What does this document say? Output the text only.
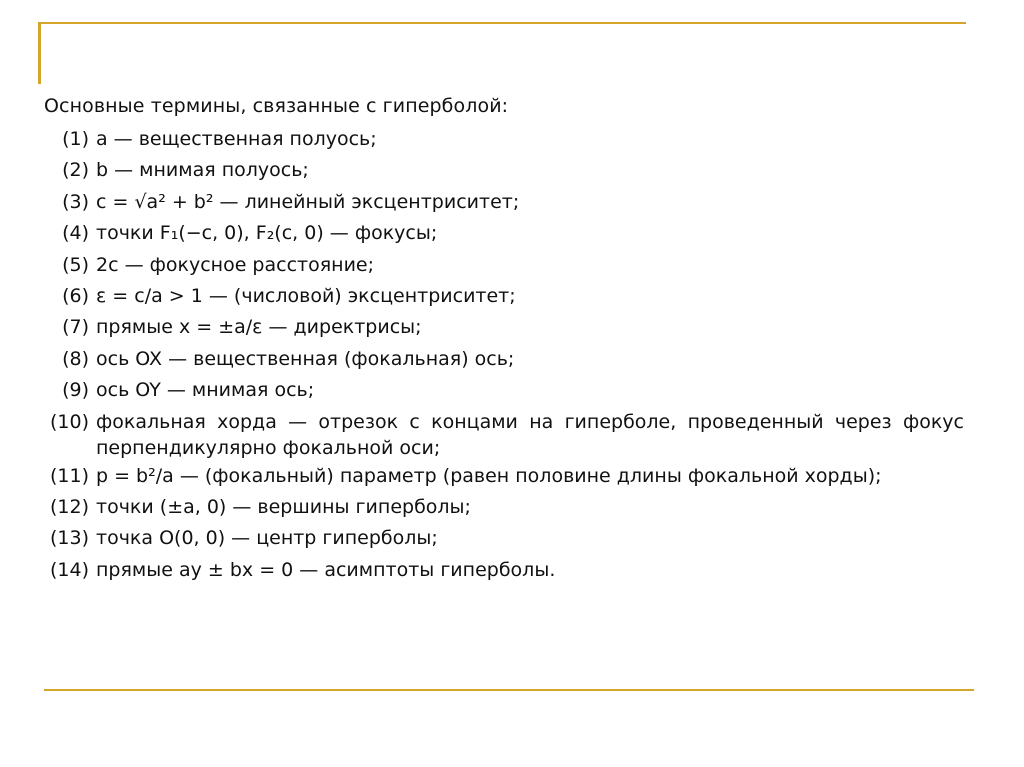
Основные термины, связанные с гиперболой:
(1) a — вещественная полуось;
(2) b — мнимая полуось;
(3) c = √a² + b² — линейный эксцентриситет;
(4) точки F₁(−c, 0), F₂(c, 0) — фокусы;
(5) 2c — фокусное расстояние;
(6) ε = c/a > 1 — (числовой) эксцентриситет;
(7) прямые x = ±a/ε — директрисы;
(8) ось OX — вещественная (фокальная) ось;
(9) ось OY — мнимая ось;
(10) фокальная хорда — отрезок с концами на гиперболе, проведенный через фокус перпендикулярно фокальной оси;
(11) p = b²/a — (фокальный) параметр (равен половине длины фокальной хорды);
(12) точки (±a, 0) — вершины гиперболы;
(13) точка O(0, 0) — центр гиперболы;
(14) прямые ay ± bx = 0 — асимптоты гиперболы.
